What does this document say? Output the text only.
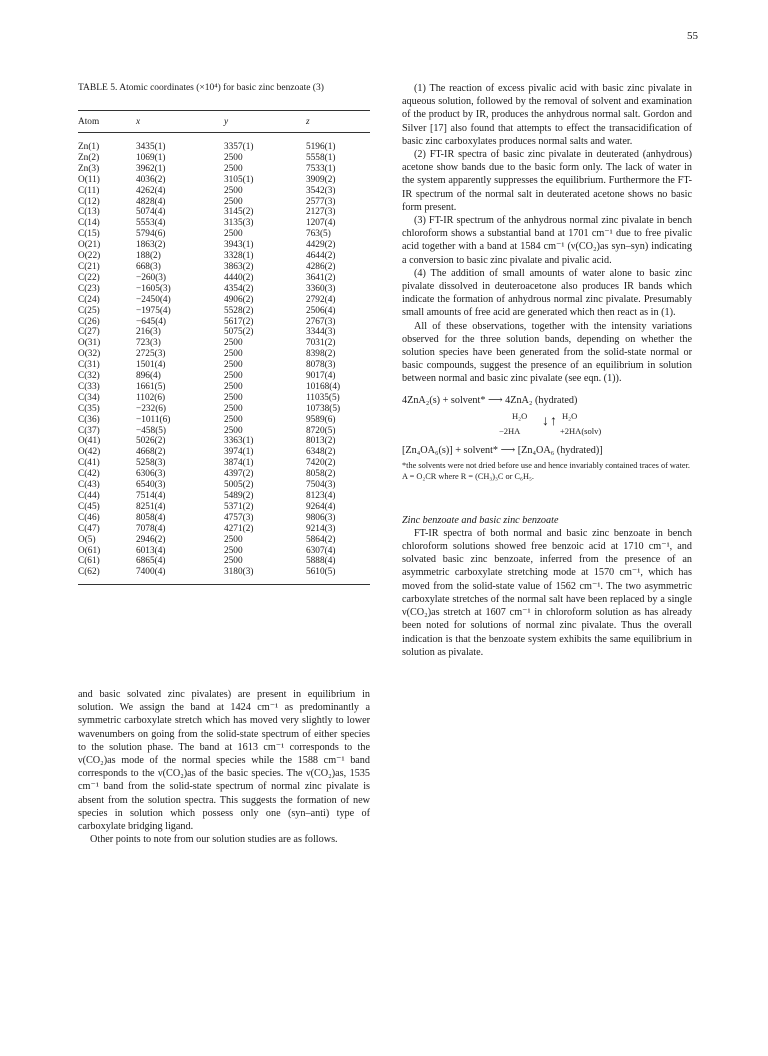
55

TABLE 5. Atomic coordinates (×10⁴) for basic zinc benzoate (3)

Atom	x	y	z
Zn(1)	3435(1)	3357(1)	5196(1)
Zn(2)	1069(1)	2500	5558(1)
Zn(3)	3962(1)	2500	7533(1)
O(11)	4036(2)	3105(1)	3909(2)
C(11)	4262(4)	2500	3542(3)
C(12)	4828(4)	2500	2577(3)
C(13)	5074(4)	3145(2)	2127(3)
C(14)	5553(4)	3135(3)	1207(4)
C(15)	5794(6)	2500	763(5)
O(21)	1863(2)	3943(1)	4429(2)
O(22)	188(2)	3328(1)	4644(2)
C(21)	668(3)	3863(2)	4286(2)
C(22)	−260(3)	4440(2)	3641(2)
C(23)	−1605(3)	4354(2)	3360(3)
C(24)	−2450(4)	4906(2)	2792(4)
C(25)	−1975(4)	5528(2)	2506(4)
C(26)	−645(4)	5617(2)	2767(3)
C(27)	216(3)	5075(2)	3344(3)
O(31)	723(3)	2500	7031(2)
O(32)	2725(3)	2500	8398(2)
C(31)	1501(4)	2500	8078(3)
C(32)	896(4)	2500	9017(4)
C(33)	1661(5)	2500	10168(4)
C(34)	1102(6)	2500	11035(5)
C(35)	−232(6)	2500	10738(5)
C(36)	−1011(6)	2500	9589(6)
C(37)	−458(5)	2500	8720(5)
O(41)	5026(2)	3363(1)	8013(2)
O(42)	4668(2)	3974(1)	6348(2)
C(41)	5258(3)	3874(1)	7420(2)
C(42)	6306(3)	4397(2)	8058(2)
C(43)	6540(3)	5005(2)	7504(3)
C(44)	7514(4)	5489(2)	8123(4)
C(45)	8251(4)	5371(2)	9264(4)
C(46)	8058(4)	4757(3)	9806(3)
C(47)	7078(4)	4271(2)	9214(3)
O(5)	2946(2)	2500	5864(2)
O(61)	6013(4)	2500	6307(4)
C(61)	6865(4)	2500	5888(4)
C(62)	7400(4)	3180(3)	5610(5)

and basic solvated zinc pivalates) are present in equilibrium in solution. We assign the band at 1424 cm⁻¹ as predominantly a symmetric carboxylate stretch which has moved very slightly to lower wavenumbers on going from the solid-state spectrum of either species to the solution phase. The band at 1613 cm⁻¹ corresponds to the ν(CO₂)as mode of the normal species while the 1588 cm⁻¹ band corresponds to the ν(CO₂)as of the basic species. The ν(CO₂)as, 1535 cm⁻¹ band from the solid-state spectrum of normal zinc pivalate is absent from the solution spectra. This suggests the formation of new species in solution which possess only one (syn–anti) type of carboxylate bridging ligand.

Other points to note from our solution studies are as follows.

(1) The reaction of excess pivalic acid with basic zinc pivalate in aqueous solution, followed by the removal of solvent and examination of the product by IR, produces the anhydrous normal salt. Gordon and Silver [17] also found that attempts to effect the transacidification of basic zinc carboxylates produces normal salts and water.

(2) FT-IR spectra of basic zinc pivalate in deuterated (anhydrous) acetone show bands due to the basic form only. The lack of water in the system apparently suppresses the equilibrium. Furthermore the FT-IR spectrum of the normal salt in deuterated acetone shows no basic form present.

(3) FT-IR spectrum of the anhydrous normal zinc pivalate in bench chloroform shows a substantial band at 1701 cm⁻¹ due to free pivalic acid together with a band at 1584 cm⁻¹ (ν(CO₂)as syn–syn) indicating a conversion to basic zinc pivalate and pivalic acid.

(4) The addition of small amounts of water alone to basic zinc pivalate dissolved in deuteroacetone also produces IR bands which indicate the formation of anhydrous normal zinc pivalate. Presumably small amounts of free acid are generated which then react as in (1).

All of these observations, together with the intensity variations observed for the three solution bands, depending on whether the solution species have been generated from the solid-state normal or basic compounds, suggest the presence of an equilibrium in solution between normal and basic zinc pivalate (see eqn. (1)).

4ZnA₂(s) + solvent* ⟶ 4ZnA₂ (hydrated)
H₂O
−2HA
↓ ↑ H₂O
+2HA(solv)
[Zn₄OA₆(s)] + solvent* ⟶ [Zn₄OA₆ (hydrated)]

*the solvents were not dried before use and hence invariably contained traces of water.

A = O₂CR where R = (CH₃)₃C or C₆H₅.

Zinc benzoate and basic zinc benzoate

FT-IR spectra of both normal and basic zinc benzoate in bench chloroform solutions showed free benzoic acid at 1710 cm⁻¹, and solvated basic zinc benzoate, inferred from the presence of an asymmetric carboxylate stretching mode at 1570 cm⁻¹, which has moved from the solid-state value of 1562 cm⁻¹. The two asymmetric carboxylate stretches of the normal salt have been replaced by a single ν(CO₂)as stretch at 1607 cm⁻¹ in chloroform solution as has already been noted for solutions of normal zinc pivalate. Thus the overall indication is that the benzoate system exhibits the same equilibrium in solution as pivalate.
